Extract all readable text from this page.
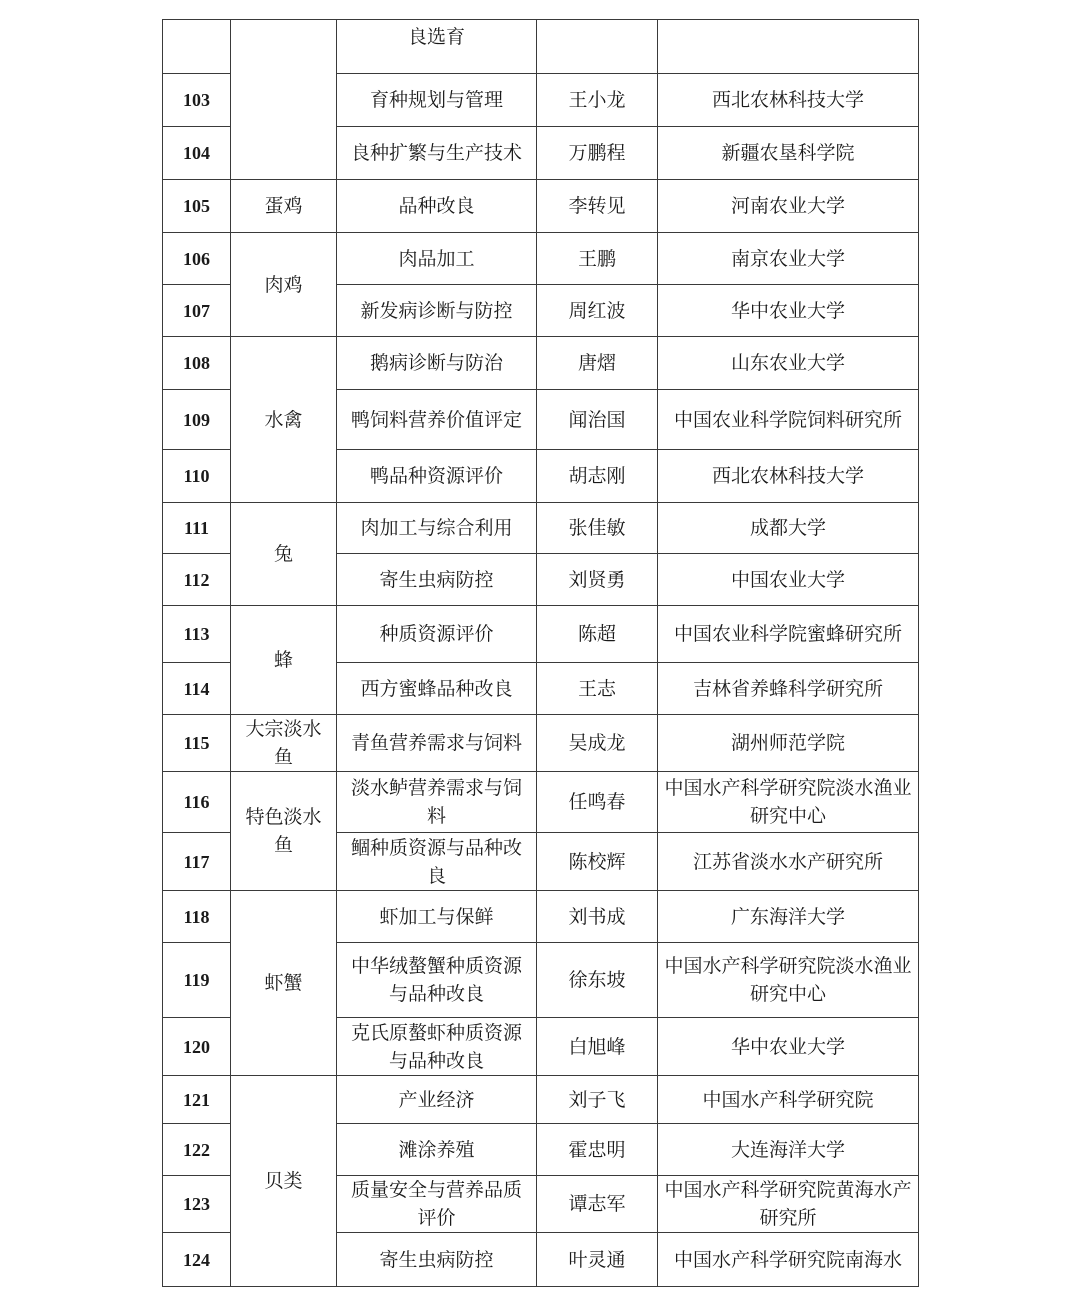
		良选育		
103		育种规划与管理	王小龙	西北农林科技大学
104		良种扩繁与生产技术	万鹏程	新疆农垦科学院
105	蛋鸡	品种改良	李转见	河南农业大学
106	肉鸡	肉品加工	王鹏	南京农业大学
107		新发病诊断与防控	周红波	华中农业大学
108	水禽	鹅病诊断与防治	唐熠	山东农业大学
109		鸭饲料营养价值评定	闻治国	中国农业科学院饲料研究所
110		鸭品种资源评价	胡志刚	西北农林科技大学
111	兔	肉加工与综合利用	张佳敏	成都大学
112		寄生虫病防控	刘贤勇	中国农业大学
113	蜂	种质资源评价	陈超	中国农业科学院蜜蜂研究所
114		西方蜜蜂品种改良	王志	吉林省养蜂科学研究所
115	大宗淡水鱼	青鱼营养需求与饲料	吴成龙	湖州师范学院
116	特色淡水鱼	淡水鲈营养需求与饲料	任鸣春	中国水产科学研究院淡水渔业研究中心
117		鲴种质资源与品种改良	陈校辉	江苏省淡水水产研究所
118	虾蟹	虾加工与保鲜	刘书成	广东海洋大学
119		中华绒螯蟹种质资源与品种改良	徐东坡	中国水产科学研究院淡水渔业研究中心
120		克氏原螯虾种质资源与品种改良	白旭峰	华中农业大学
121	贝类	产业经济	刘子飞	中国水产科学研究院
122		滩涂养殖	霍忠明	大连海洋大学
123		质量安全与营养品质评价	谭志军	中国水产科学研究院黄海水产研究所
124		寄生虫病防控	叶灵通	中国水产科学研究院南海水
